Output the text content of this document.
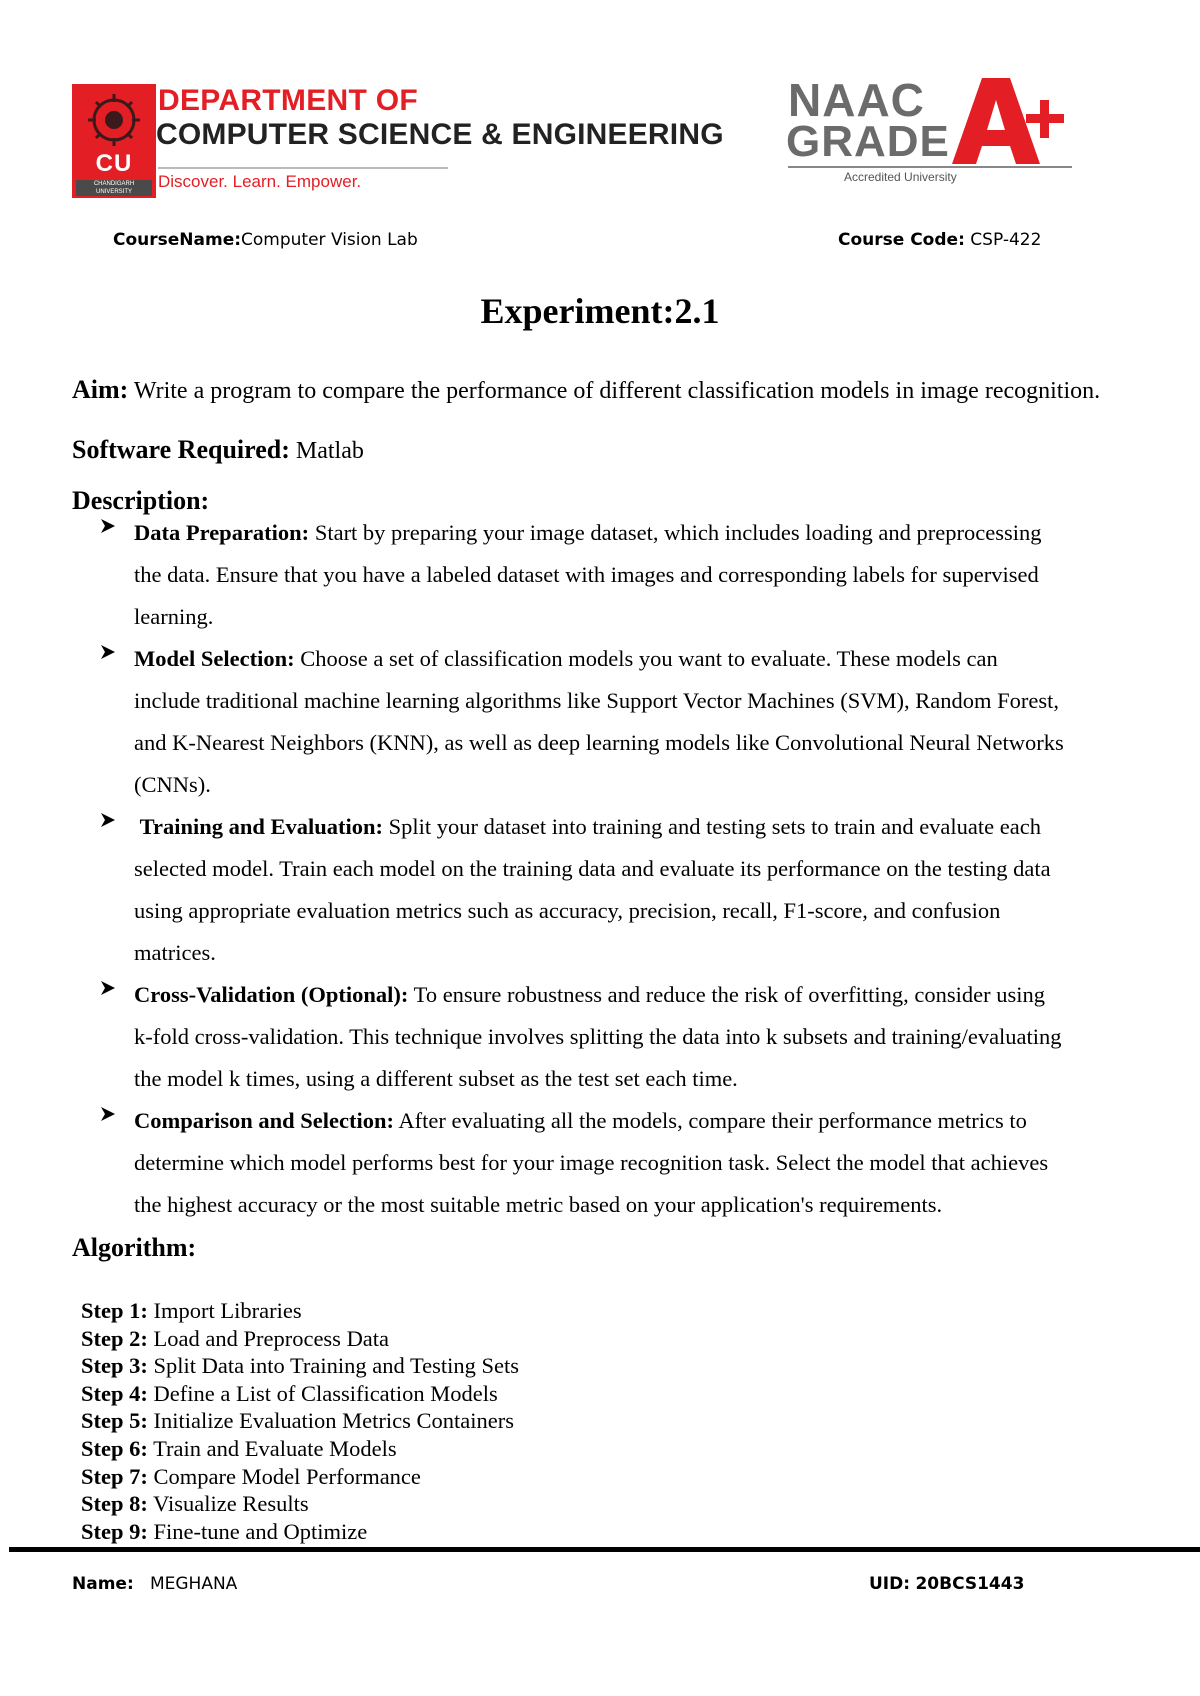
CU
CHANDIGARH UNIVERSITY
DEPARTMENT OF
COMPUTER SCIENCE & ENGINEERING
Discover. Learn. Empower.
NAAC
GRADE
Accredited University
CourseName:Computer Vision Lab	Course Code: CSP-422
Experiment:2.1
Aim: Write a program to compare the performance of different classification models in image recognition.
Software Required: Matlab
Description:
Data Preparation: Start by preparing your image dataset, which includes loading and preprocessing
the data. Ensure that you have a labeled dataset with images and corresponding labels for supervised
learning.
Model Selection: Choose a set of classification models you want to evaluate. These models can
include traditional machine learning algorithms like Support Vector Machines (SVM), Random Forest,
and K-Nearest Neighbors (KNN), as well as deep learning models like Convolutional Neural Networks
(CNNs).
Training and Evaluation: Split your dataset into training and testing sets to train and evaluate each
selected model. Train each model on the training data and evaluate its performance on the testing data
using appropriate evaluation metrics such as accuracy, precision, recall, F1-score, and confusion
matrices.
Cross-Validation (Optional): To ensure robustness and reduce the risk of overfitting, consider using
k-fold cross-validation. This technique involves splitting the data into k subsets and training/evaluating
the model k times, using a different subset as the test set each time.
Comparison and Selection: After evaluating all the models, compare their performance metrics to
determine which model performs best for your image recognition task. Select the model that achieves
the highest accuracy or the most suitable metric based on your application's requirements.
Algorithm:
Step 1: Import Libraries
Step 2: Load and Preprocess Data
Step 3: Split Data into Training and Testing Sets
Step 4: Define a List of Classification Models
Step 5: Initialize Evaluation Metrics Containers
Step 6: Train and Evaluate Models
Step 7: Compare Model Performance
Step 8: Visualize Results
Step 9: Fine-tune and Optimize
Name: MEGHANA	UID: 20BCS1443
